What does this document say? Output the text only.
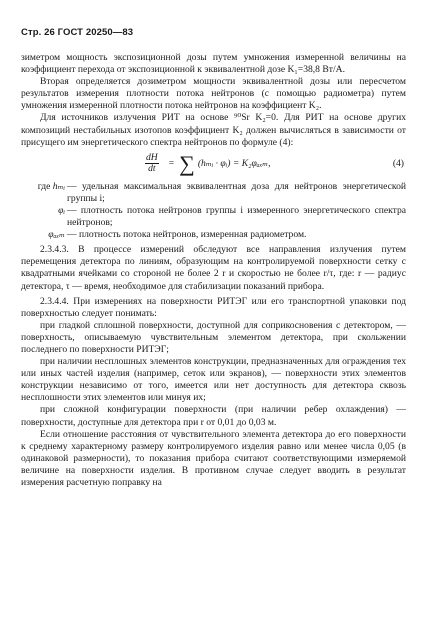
Стр. 26 ГОСТ 20250—83

зиметром мощность экспозиционной дозы путем умножения измеренной величины на коэффициент перехода от экспозиционной к эквивалентной дозе K₁=38,8 Вт/А.

Вторая определяется дозиметром мощности эквивалентной дозы или пересчетом результатов измерения плотности потока нейтронов (с помощью радиометра) путем умножения измеренной плотности потока нейтронов на коэффициент K₂.

Для источников излучения РИТ на основе ⁹⁰Sr K₂=0. Для РИТ на основе других композиций нестабильных изотопов коэффициент K₂ должен вычисляться в зависимости от присущего им энергетического спектра нейтронов по формуле (4):

$\frac{dH}{dt}$ = ∑ (hₘᵢ · φᵢ) = K₂φₐₓₘ,	(4)
где hₘᵢ — удельная максимальная эквивалентная доза для нейтронов энергетической группы i;
φᵢ — плотность потока нейтронов группы i измеренного энергетического спектра нейтронов;
φₐₓₘ — плотность потока нейтронов, измеренная радиометром.

2.3.4.3. В процессе измерений обследуют все направления излучения путем перемещения детектора по линиям, образующим на контролируемой поверхности сетку с квадратными ячейками со стороной не более 2 r и скоростью не более r/τ, где: r — радиус детектора, τ — время, необходимое для стабилизации показаний прибора.

2.3.4.4. При измерениях на поверхности РИТЭГ или его транспортной упаковки под поверхностью следует понимать:

при гладкой сплошной поверхности, доступной для соприкосновения с детектором, — поверхность, описываемую чувствительным элементом детектора, при скольжении последнего по поверхности РИТЭГ;

при наличии несплошных элементов конструкции, предназначенных для ограждения тех или иных частей изделия (например, сеток или экранов), — поверхности этих элементов конструкции независимо от того, имеется или нет доступность для детектора сквозь несплошности этих элементов или минуя их;

при сложной конфигурации поверхности (при наличии ребер охлаждения) — поверхности, доступные для детектора при r от 0,01 до 0,03 м.

Если отношение расстояния от чувствительного элемента детектора до его поверхности к среднему характерному размеру контролируемого изделия равно или менее числа 0,05 (в одинаковой размерности), то показания прибора считают соответствующими измеряемой величине на поверхности изделия. В противном случае следует вводить в результат измерения расчетную поправку на
